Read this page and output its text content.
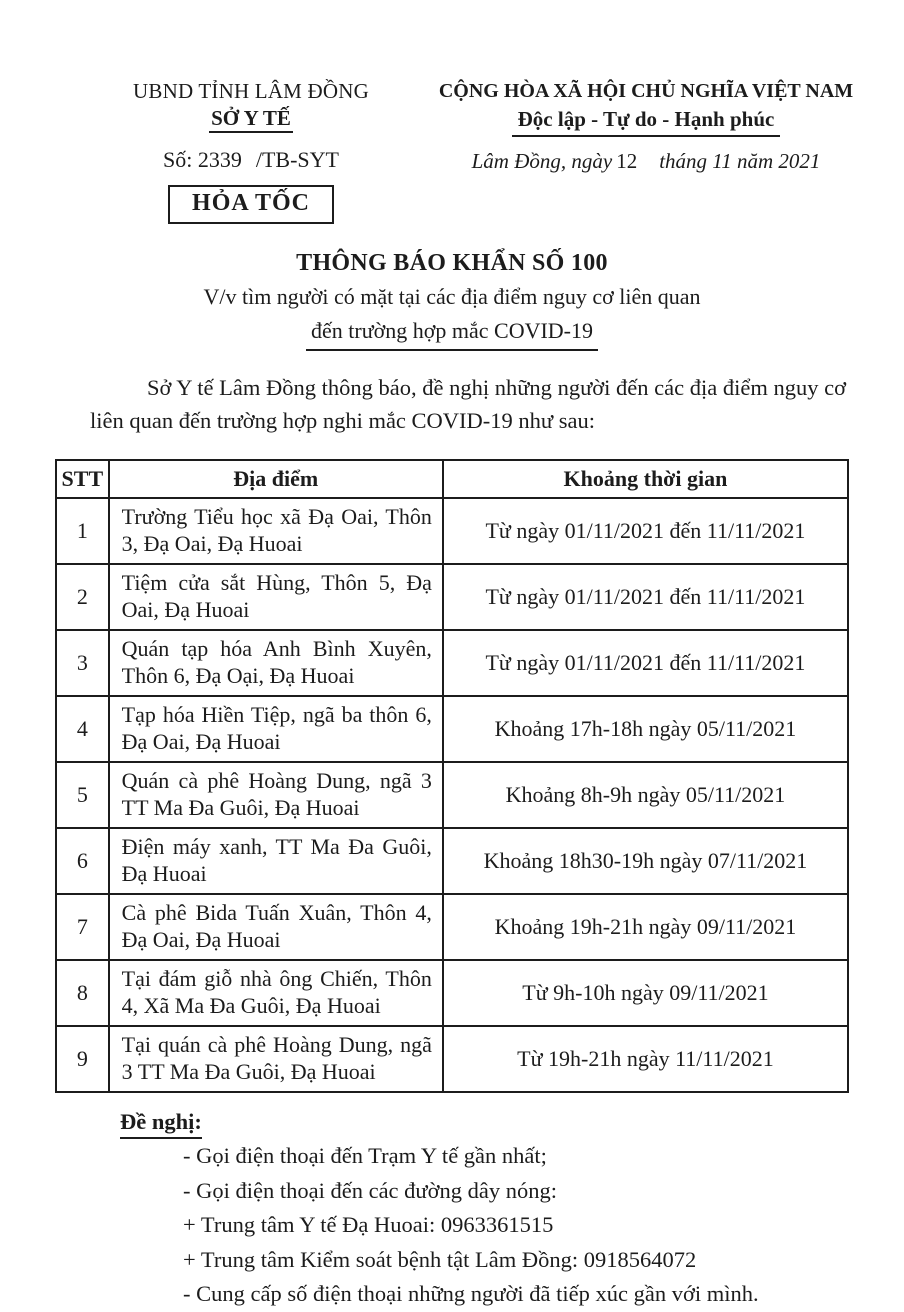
UBND TỈNH LÂM ĐỒNG
SỞ Y TẾ
Số: 2339 /TB-SYT
HỎA TỐC
CỘNG HÒA XÃ HỘI CHỦ NGHĨA VIỆT NAM
Độc lập - Tự do - Hạnh phúc
Lâm Đồng, ngày 12 tháng 11 năm 2021
THÔNG BÁO KHẨN SỐ 100
V/v tìm người có mặt tại các địa điểm nguy cơ liên quan
đến trường hợp mắc COVID-19
Sở Y tế Lâm Đồng thông báo, đề nghị những người đến các địa điểm nguy cơ liên quan đến trường hợp nghi mắc COVID-19 như sau:
STT	Địa điểm	Khoảng thời gian
1	Trường Tiểu học xã Đạ Oai, Thôn 3, Đạ Oai, Đạ Huoai	Từ ngày 01/11/2021 đến 11/11/2021
2	Tiệm cửa sắt Hùng, Thôn 5, Đạ Oai, Đạ Huoai	Từ ngày 01/11/2021 đến 11/11/2021
3	Quán tạp hóa Anh Bình Xuyên, Thôn 6, Đạ Oại, Đạ Huoai	Từ ngày 01/11/2021 đến 11/11/2021
4	Tạp hóa Hiền Tiệp, ngã ba thôn 6, Đạ Oai, Đạ Huoai	Khoảng 17h-18h ngày 05/11/2021
5	Quán cà phê Hoàng Dung, ngã 3 TT Ma Đa Guôi, Đạ Huoai	Khoảng 8h-9h ngày 05/11/2021
6	Điện máy xanh, TT Ma Đa Guôi, Đạ Huoai	Khoảng 18h30-19h ngày 07/11/2021
7	Cà phê Bida Tuấn Xuân, Thôn 4, Đạ Oai, Đạ Huoai	Khoảng 19h-21h ngày 09/11/2021
8	Tại đám giỗ nhà ông Chiến, Thôn 4, Xã Ma Đa Guôi, Đạ Huoai	Từ 9h-10h ngày 09/11/2021
9	Tại quán cà phê Hoàng Dung, ngã 3 TT Ma Đa Guôi, Đạ Huoai	Từ 19h-21h ngày 11/11/2021
Đề nghị:
- Gọi điện thoại đến Trạm Y tế gần nhất;
- Gọi điện thoại đến các đường dây nóng:
+ Trung tâm Y tế Đạ Huoai: 0963361515
+ Trung tâm Kiểm soát bệnh tật Lâm Đồng: 0918564072
- Cung cấp số điện thoại những người đã tiếp xúc gần với mình.
